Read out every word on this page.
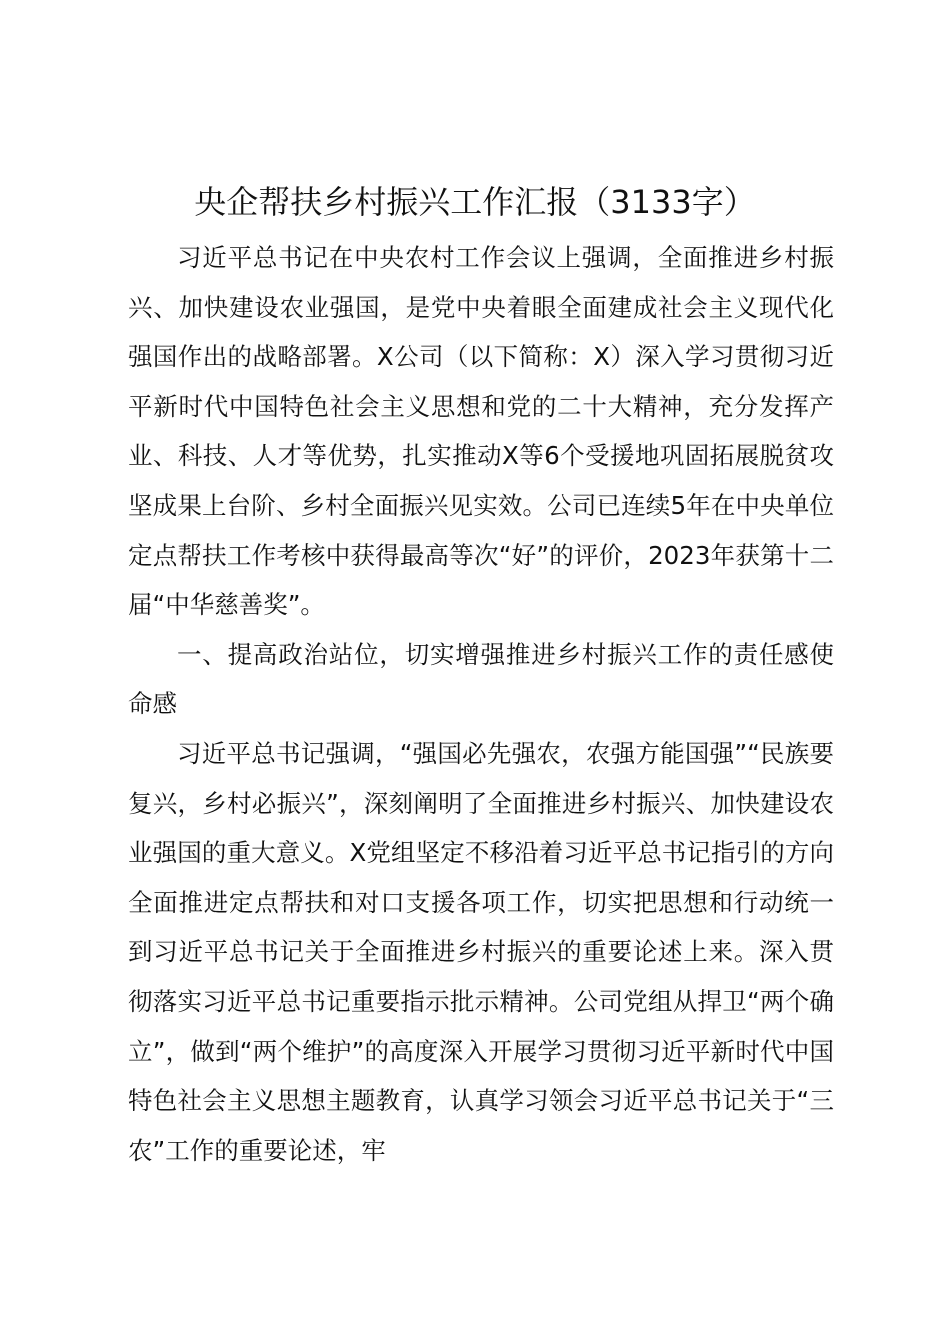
央企帮扶乡村振兴工作汇报（3133字）

习近平总书记在中央农村工作会议上强调，全面推进乡村振兴、加快建设农业强国，是党中央着眼全面建成社会主义现代化强国作出的战略部署。X公司（以下简称：X）深入学习贯彻习近平新时代中国特色社会主义思想和党的二十大精神，充分发挥产业、科技、人才等优势，扎实推动X等6个受援地巩固拓展脱贫攻坚成果上台阶、乡村全面振兴见实效。公司已连续5年在中央单位定点帮扶工作考核中获得最高等次“好”的评价，2023年获第十二届“中华慈善奖”。

一、提高政治站位，切实增强推进乡村振兴工作的责任感使命感

习近平总书记强调，“强国必先强农，农强方能国强”“民族要复兴，乡村必振兴”，深刻阐明了全面推进乡村振兴、加快建设农业强国的重大意义。X党组坚定不移沿着习近平总书记指引的方向全面推进定点帮扶和对口支援各项工作，切实把思想和行动统一到习近平总书记关于全面推进乡村振兴的重要论述上来。深入贯彻落实习近平总书记重要指示批示精神。公司党组从捍卫“两个确立”，做到“两个维护”的高度深入开展学习贯彻习近平新时代中国特色社会主义思想主题教育，认真学习领会习近平总书记关于“三农”工作的重要论述，牢
